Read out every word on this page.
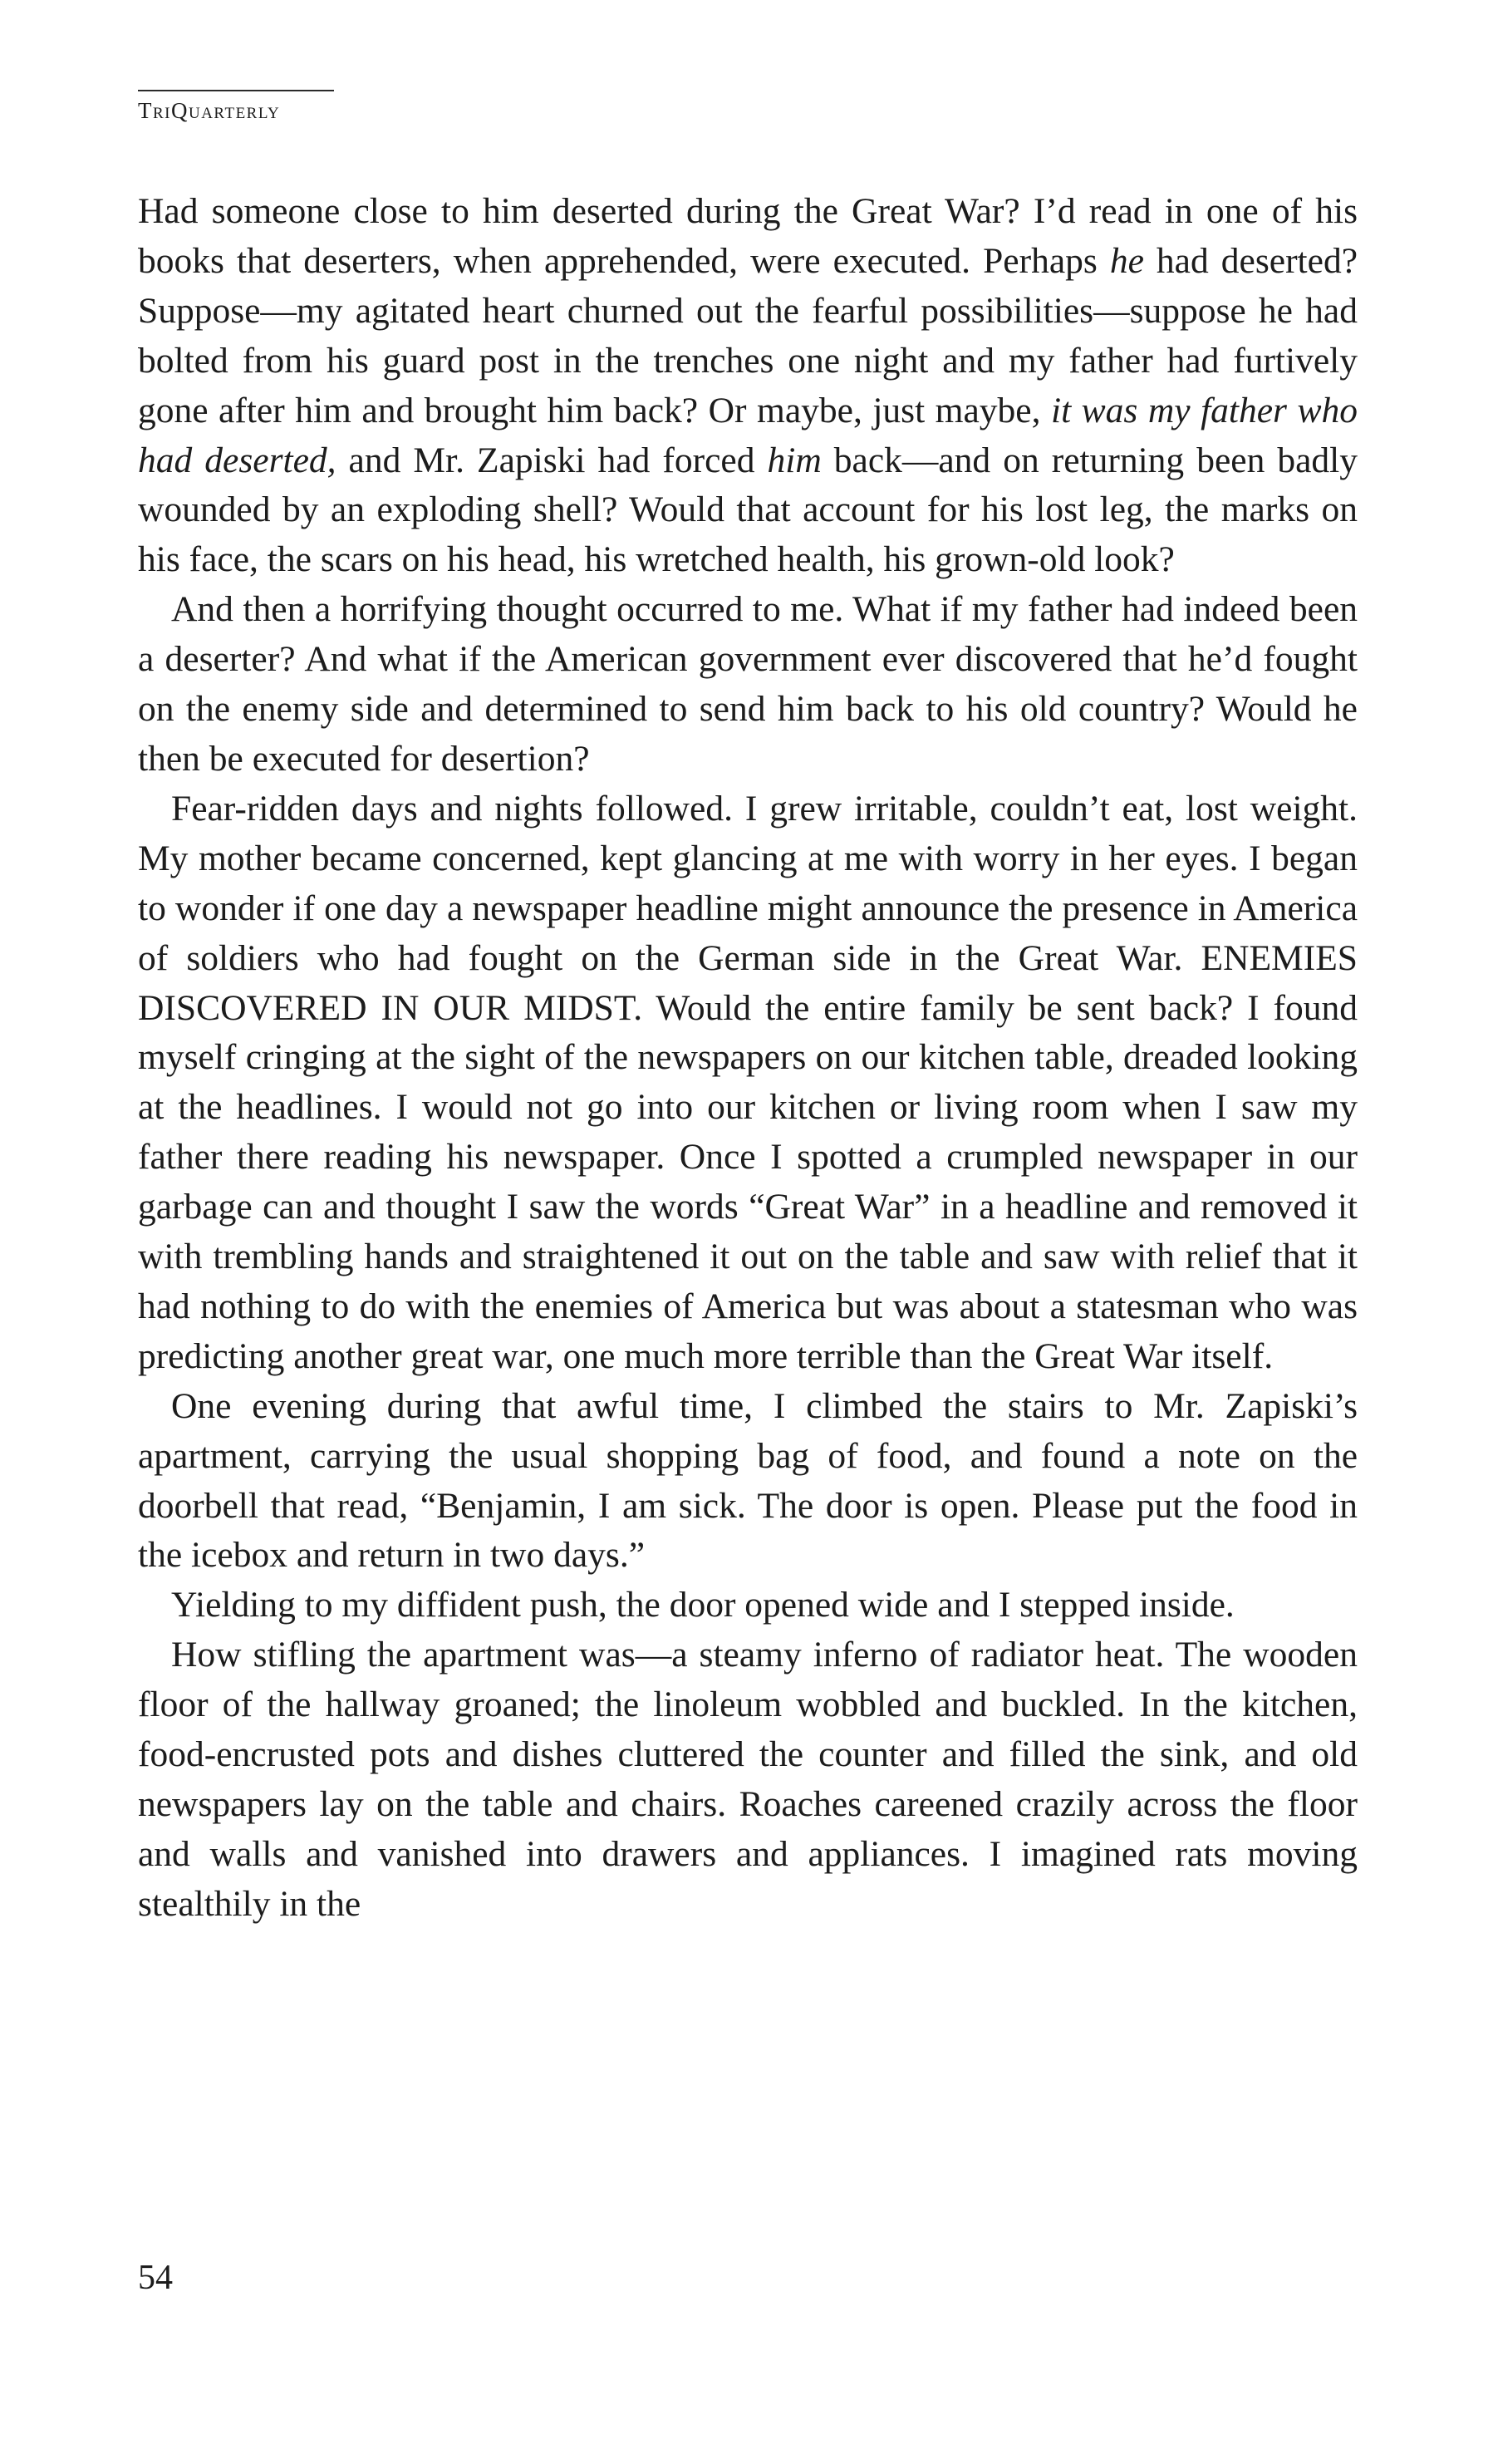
TriQuarterly

Had someone close to him deserted during the Great War? I’d read in one of his books that deserters, when apprehended, were executed. Perhaps he had deserted? Suppose—my agitated heart churned out the fearful possibilities—suppose he had bolted from his guard post in the trenches one night and my father had furtively gone after him and brought him back? Or maybe, just maybe, it was my father who had deserted, and Mr. Zapiski had forced him back—and on returning been badly wounded by an exploding shell? Would that account for his lost leg, the marks on his face, the scars on his head, his wretched health, his grown-old look?

And then a horrifying thought occurred to me. What if my father had indeed been a deserter? And what if the American government ever discovered that he’d fought on the enemy side and determined to send him back to his old country? Would he then be executed for desertion?

Fear-ridden days and nights followed. I grew irritable, couldn’t eat, lost weight. My mother became concerned, kept glancing at me with worry in her eyes. I began to wonder if one day a newspaper headline might announce the presence in America of soldiers who had fought on the German side in the Great War. ENEMIES DISCOVERED IN OUR MIDST. Would the entire family be sent back? I found myself cringing at the sight of the newspapers on our kitchen table, dreaded looking at the headlines. I would not go into our kitchen or living room when I saw my father there reading his newspaper. Once I spotted a crumpled newspaper in our garbage can and thought I saw the words “Great War” in a headline and removed it with trembling hands and straightened it out on the table and saw with relief that it had nothing to do with the enemies of America but was about a statesman who was predicting another great war, one much more terrible than the Great War itself.

One evening during that awful time, I climbed the stairs to Mr. Zapiski’s apartment, carrying the usual shopping bag of food, and found a note on the doorbell that read, “Benjamin, I am sick. The door is open. Please put the food in the icebox and return in two days.”

Yielding to my diffident push, the door opened wide and I stepped inside.

How stifling the apartment was—a steamy inferno of radiator heat. The wooden floor of the hallway groaned; the linoleum wobbled and buckled. In the kitchen, food-encrusted pots and dishes cluttered the counter and filled the sink, and old newspapers lay on the table and chairs. Roaches careened crazily across the floor and walls and vanished into drawers and appliances. I imagined rats moving stealthily in the

54
